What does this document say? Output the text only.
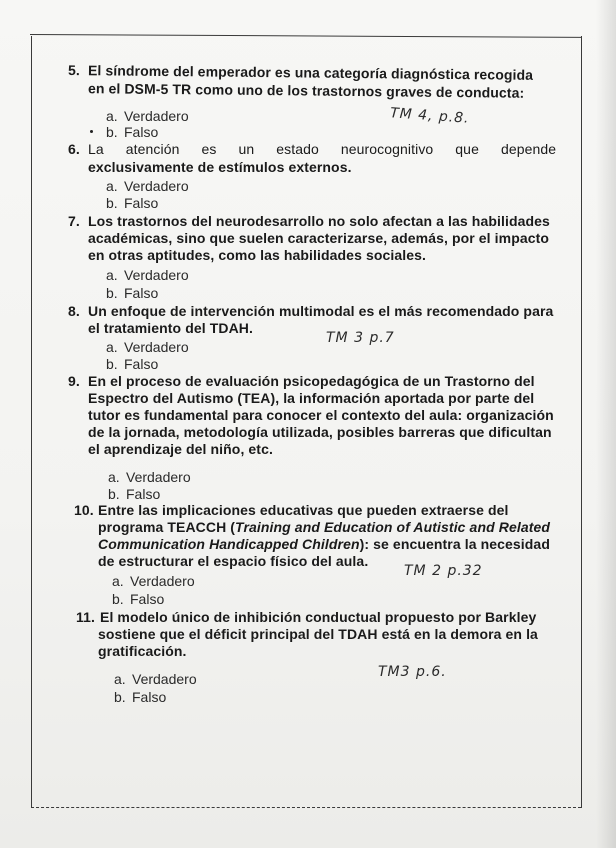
5. El síndrome del emperador es una categoría diagnóstica recogida
en el DSM-5 TR como uno de los trastornos graves de conducta:
a. Verdadero
b. Falso
TM 4, p.8.
6. La atención es un estado neurocognitivo que depende
exclusivamente de estímulos externos.
a. Verdadero
b. Falso
7. Los trastornos del neurodesarrollo no solo afectan a las habilidades
académicas, sino que suelen caracterizarse, además, por el impacto
en otras aptitudes, como las habilidades sociales.
a. Verdadero
b. Falso
8. Un enfoque de intervención multimodal es el más recomendado para
el tratamiento del TDAH.
a. Verdadero
b. Falso
TM 3 p.7
9. En el proceso de evaluación psicopedagógica de un Trastorno del
Espectro del Autismo (TEA), la información aportada por parte del
tutor es fundamental para conocer el contexto del aula: organización
de la jornada, metodología utilizada, posibles barreras que dificultan
el aprendizaje del niño, etc.
a. Verdadero
b. Falso
10. Entre las implicaciones educativas que pueden extraerse del
programa TEACCH (Training and Education of Autistic and Related
Communication Handicapped Children): se encuentra la necesidad
de estructurar el espacio físico del aula.
a. Verdadero
b. Falso
TM 2 p.32
11. El modelo único de inhibición conductual propuesto por Barkley
sostiene que el déficit principal del TDAH está en la demora en la
gratificación.
a. Verdadero
b. Falso
TM3 p.6.
